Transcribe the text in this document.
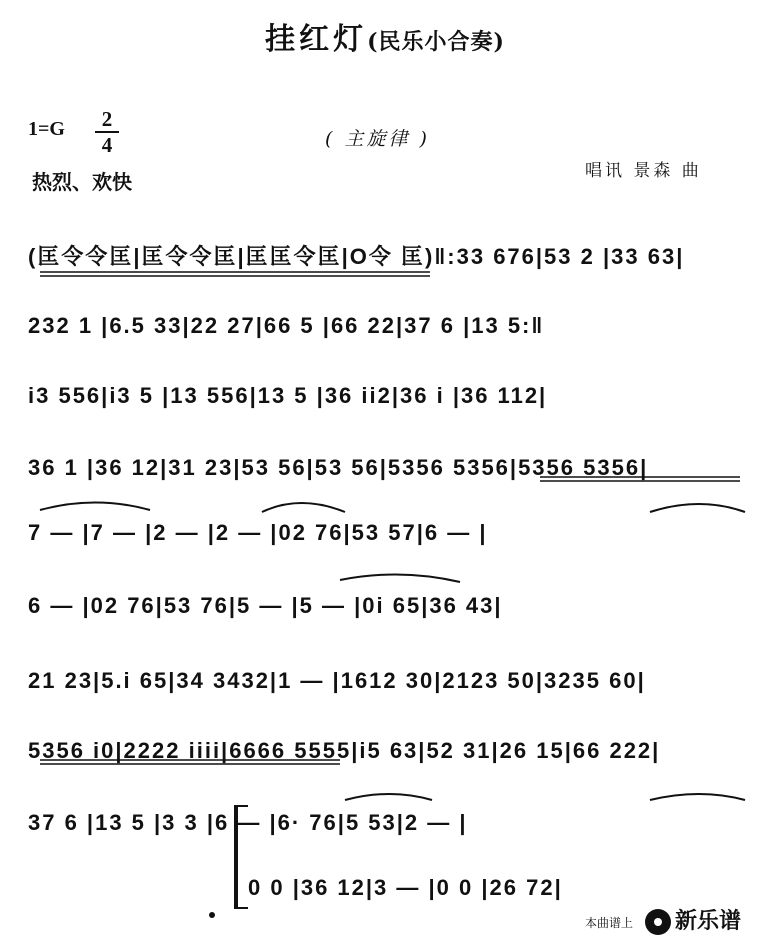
挂红灯(民乐小合奏)
1=G	2
4
热烈、欢快
( 主旋律 )
唱讯 景森 曲
(匡令令匡|匡令令匡|匡匡令匡|O令 匡)‖:33 676|53 2 |33 63|
232 1 |6.5 33|22 27|66 5 |66 22|37 6 |13 5:‖
i3 556|i3 5 |13 556|13 5 |36 ii2|36 i |36 112|
36 1 |36 12|31 23|53 56|53 56|5356 5356|5356 5356|
7 — |7 — |2 — |2 — |02 76|53 57|6 — |
6 — |02 76|53 76|5 — |5 — |0i 65|36 43|
21 23|5.i 65|34 3432|1 — |1612 30|2123 50|3235 60|
5356 i0|2222 iiii|6666 5555|i5 63|52 31|26 15|66 222|
37 6 |13 5 |3 3 |6 — |6· 76|5 53|2 — |
0 0 |36 12|3 — |0 0 |26 72|
本曲谱上	新乐谱
